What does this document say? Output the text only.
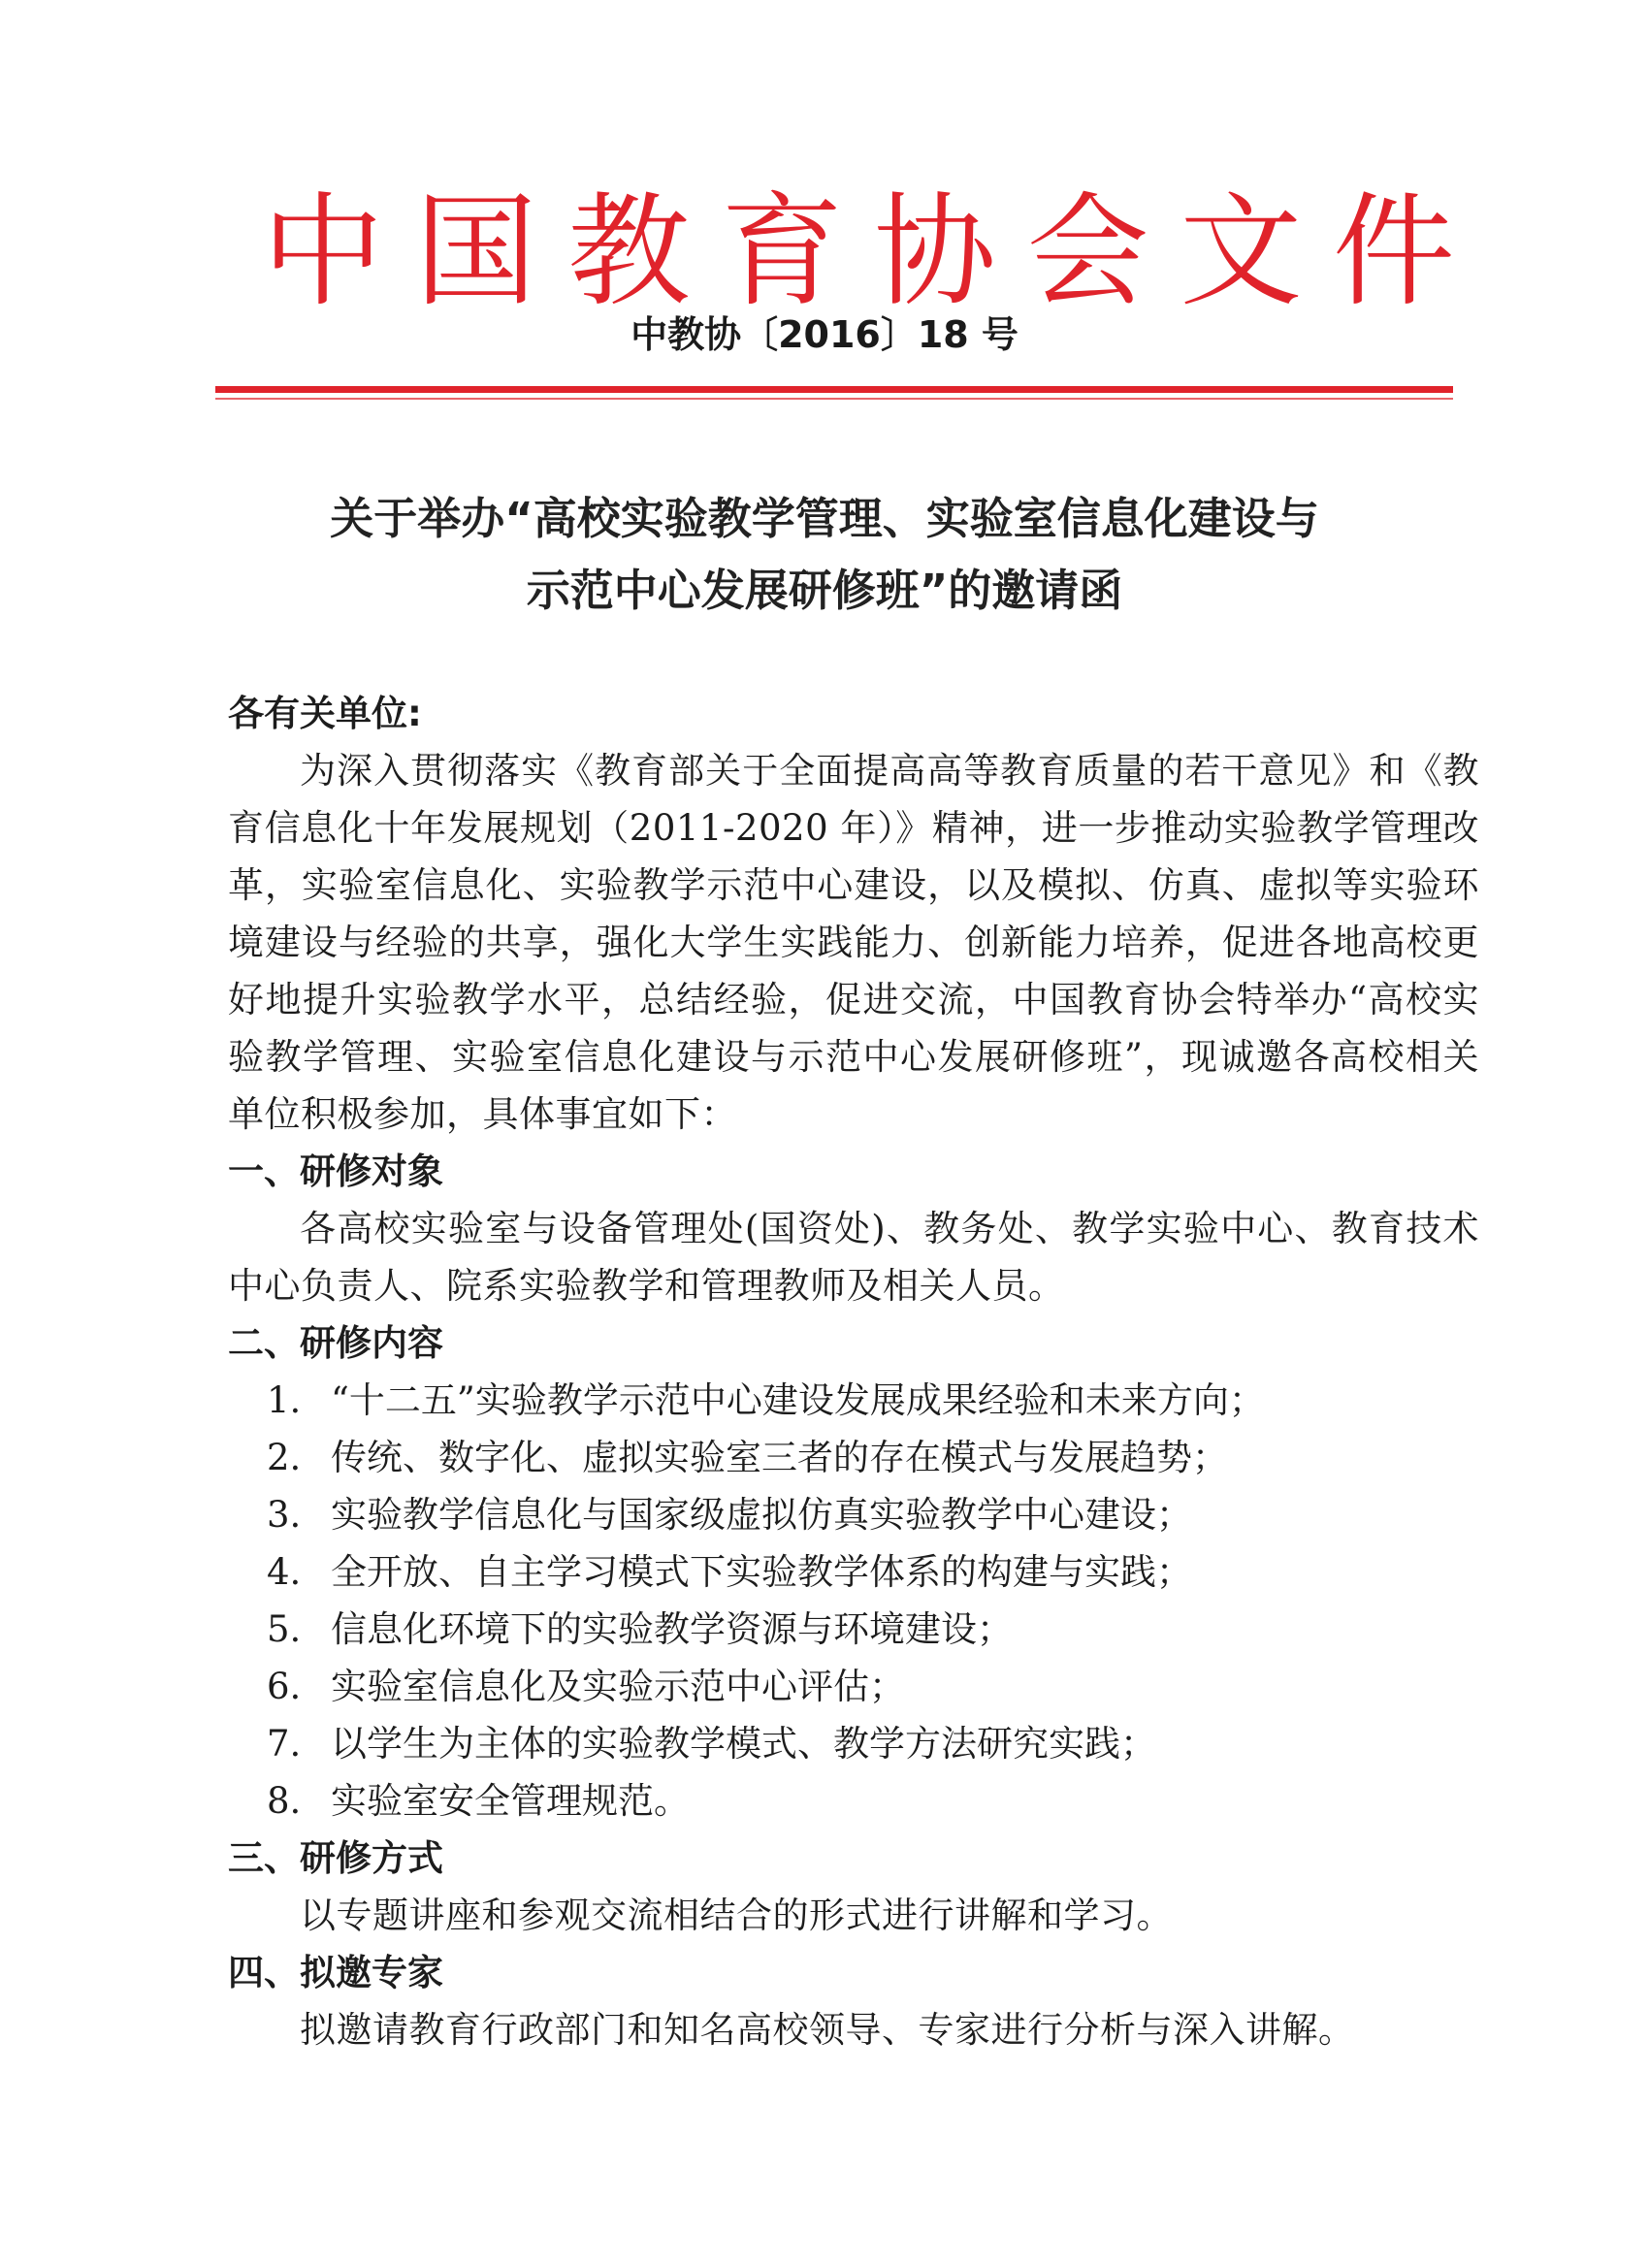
中 国 教 育 协 会 文 件
中教协〔2016〕18 号
关于举办“高校实验教学管理、实验室信息化建设与
示范中心发展研修班”的邀请函

各有关单位:

为深入贯彻落实《教育部关于全面提高高等教育质量的若干意见》和《教育信息化十年发展规划（2011-2020 年）》精神，进一步推动实验教学管理改革，实验室信息化、实验教学示范中心建设，以及模拟、仿真、虚拟等实验环境建设与经验的共享，强化大学生实践能力、创新能力培养，促进各地高校更好地提升实验教学水平，总结经验，促进交流，中国教育协会特举办“高校实验教学管理、实验室信息化建设与示范中心发展研修班”，现诚邀各高校相关单位积极参加，具体事宜如下：

一、研修对象

各高校实验室与设备管理处(国资处)、教务处、教学实验中心、教育技术中心负责人、院系实验教学和管理教师及相关人员。

二、研修内容

1. “十二五”实验教学示范中心建设发展成果经验和未来方向；
2. 传统、数字化、虚拟实验室三者的存在模式与发展趋势；
3. 实验教学信息化与国家级虚拟仿真实验教学中心建设；
4. 全开放、自主学习模式下实验教学体系的构建与实践；
5. 信息化环境下的实验教学资源与环境建设；
6. 实验室信息化及实验示范中心评估；
7. 以学生为主体的实验教学模式、教学方法研究实践；
8. 实验室安全管理规范。

三、研修方式

以专题讲座和参观交流相结合的形式进行讲解和学习。

四、拟邀专家

拟邀请教育行政部门和知名高校领导、专家进行分析与深入讲解。
